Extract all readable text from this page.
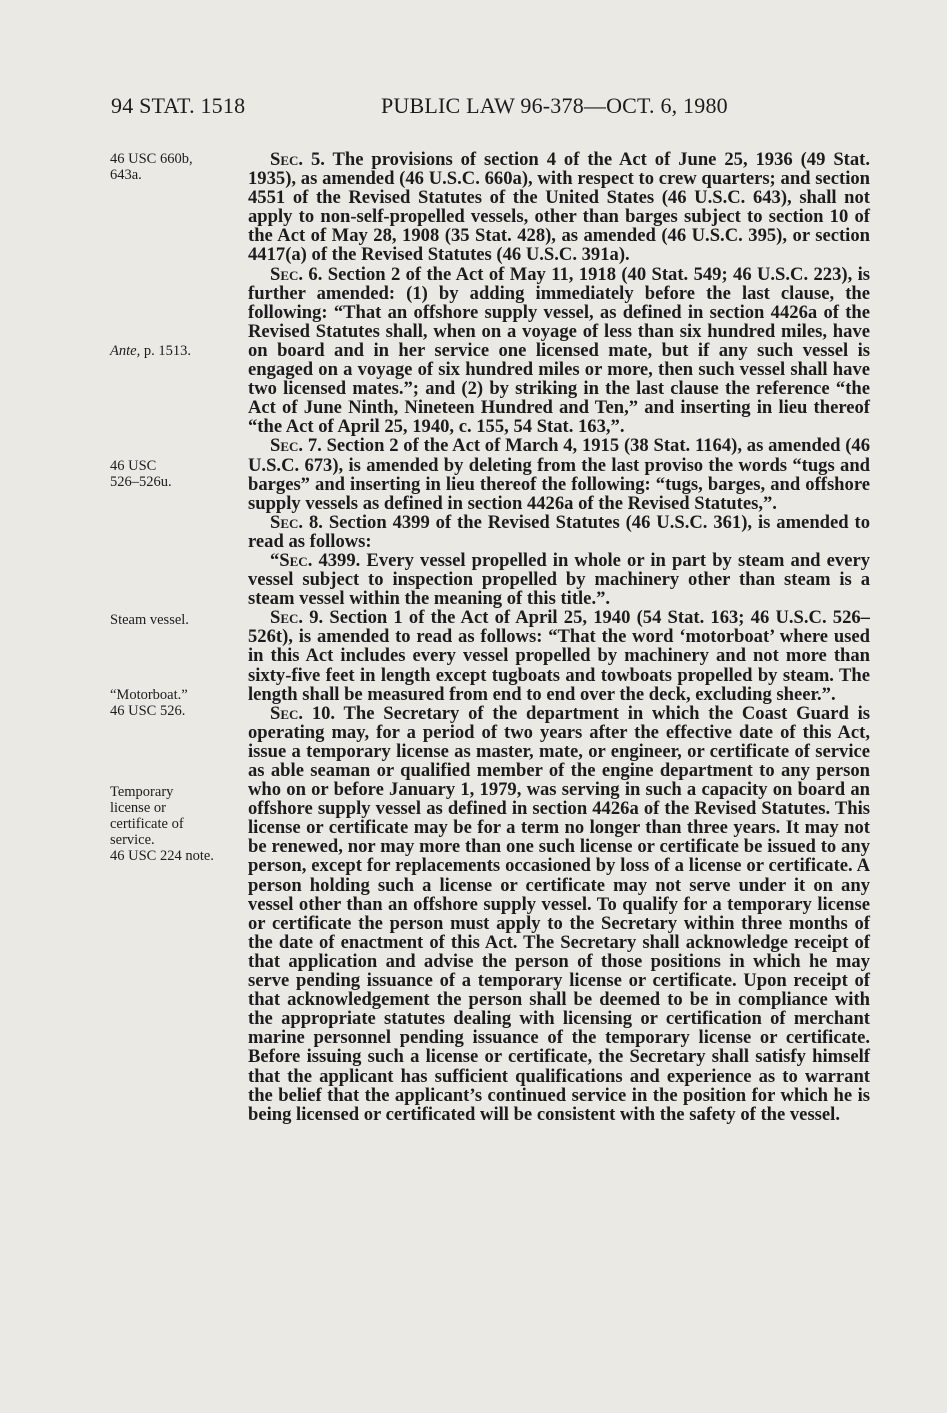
94 STAT. 1518	PUBLIC LAW 96-378—OCT. 6, 1980
46 USC 660b,
643a.
Ante, p. 1513.
46 USC
526–526u.
Steam vessel.
“Motorboat.”
46 USC 526.
Temporary
license or
certificate of
service.
46 USC 224 note.

Sec. 5. The provisions of section 4 of the Act of June 25, 1936 (49 Stat. 1935), as amended (46 U.S.C. 660a), with respect to crew quarters; and section 4551 of the Revised Statutes of the United States (46 U.S.C. 643), shall not apply to non-self-propelled vessels, other than barges subject to section 10 of the Act of May 28, 1908 (35 Stat. 428), as amended (46 U.S.C. 395), or section 4417(a) of the Revised Statutes (46 U.S.C. 391a).

Sec. 6. Section 2 of the Act of May 11, 1918 (40 Stat. 549; 46 U.S.C. 223), is further amended: (1) by adding immediately before the last clause, the following: “That an offshore supply vessel, as defined in section 4426a of the Revised Statutes shall, when on a voyage of less than six hundred miles, have on board and in her service one licensed mate, but if any such vessel is engaged on a voyage of six hundred miles or more, then such vessel shall have two licensed mates.”; and (2) by striking in the last clause the reference “the Act of June Ninth, Nineteen Hundred and Ten,” and inserting in lieu thereof “the Act of April 25, 1940, c. 155, 54 Stat. 163,”.

Sec. 7. Section 2 of the Act of March 4, 1915 (38 Stat. 1164), as amended (46 U.S.C. 673), is amended by deleting from the last proviso the words “tugs and barges” and inserting in lieu thereof the following: “tugs, barges, and offshore supply vessels as defined in section 4426a of the Revised Statutes,”.

Sec. 8. Section 4399 of the Revised Statutes (46 U.S.C. 361), is amended to read as follows:

“Sec. 4399. Every vessel propelled in whole or in part by steam and every vessel subject to inspection propelled by machinery other than steam is a steam vessel within the meaning of this title.”.

Sec. 9. Section 1 of the Act of April 25, 1940 (54 Stat. 163; 46 U.S.C. 526–526t), is amended to read as follows: “That the word ‘motorboat’ where used in this Act includes every vessel propelled by machinery and not more than sixty-five feet in length except tugboats and towboats propelled by steam. The length shall be measured from end to end over the deck, excluding sheer.”.

Sec. 10. The Secretary of the department in which the Coast Guard is operating may, for a period of two years after the effective date of this Act, issue a temporary license as master, mate, or engineer, or certificate of service as able seaman or qualified member of the engine department to any person who on or before January 1, 1979, was serving in such a capacity on board an offshore supply vessel as defined in section 4426a of the Revised Statutes. This license or certificate may be for a term no longer than three years. It may not be renewed, nor may more than one such license or certificate be issued to any person, except for replacements occasioned by loss of a license or certificate. A person holding such a license or certificate may not serve under it on any vessel other than an offshore supply vessel. To qualify for a temporary license or certificate the person must apply to the Secretary within three months of the date of enactment of this Act. The Secretary shall acknowledge receipt of that application and advise the person of those positions in which he may serve pending issuance of a temporary license or certificate. Upon receipt of that acknowledgement the person shall be deemed to be in compliance with the appropriate statutes dealing with licensing or certification of merchant marine personnel pending issuance of the temporary license or certificate. Before issuing such a license or certificate, the Secretary shall satisfy himself that the applicant has sufficient qualifications and experience as to warrant the belief that the applicant’s continued service in the position for which he is being licensed or certificated will be consistent with the safety of the vessel.
